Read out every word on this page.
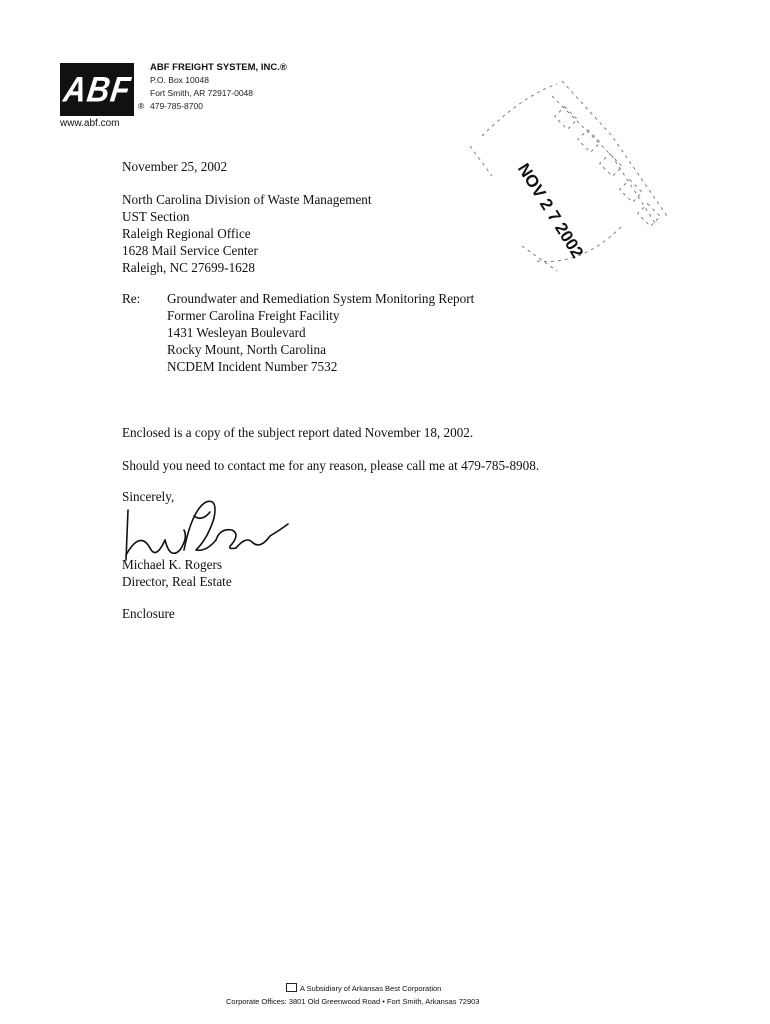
ABF
www.abf.com
ABF FREIGHT SYSTEM, INC.®
P.O. Box 10048
Fort Smith, AR 72917-0048
® 479-785-8700
NOV 2 7 2002
November 25, 2002
North Carolina Division of Waste Management
UST Section
Raleigh Regional Office
1628 Mail Service Center
Raleigh, NC 27699-1628
Re: Groundwater and Remediation System Monitoring Report
Former Carolina Freight Facility
1431 Wesleyan Boulevard
Rocky Mount, North Carolina
NCDEM Incident Number 7532
Enclosed is a copy of the subject report dated November 18, 2002.
Should you need to contact me for any reason, please call me at 479-785-8908.
Sincerely,
Michael K. Rogers
Director, Real Estate
Enclosure
A Subsidiary of Arkansas Best Corporation
Corporate Offices: 3801 Old Greenwood Road • Fort Smith, Arkansas 72903
